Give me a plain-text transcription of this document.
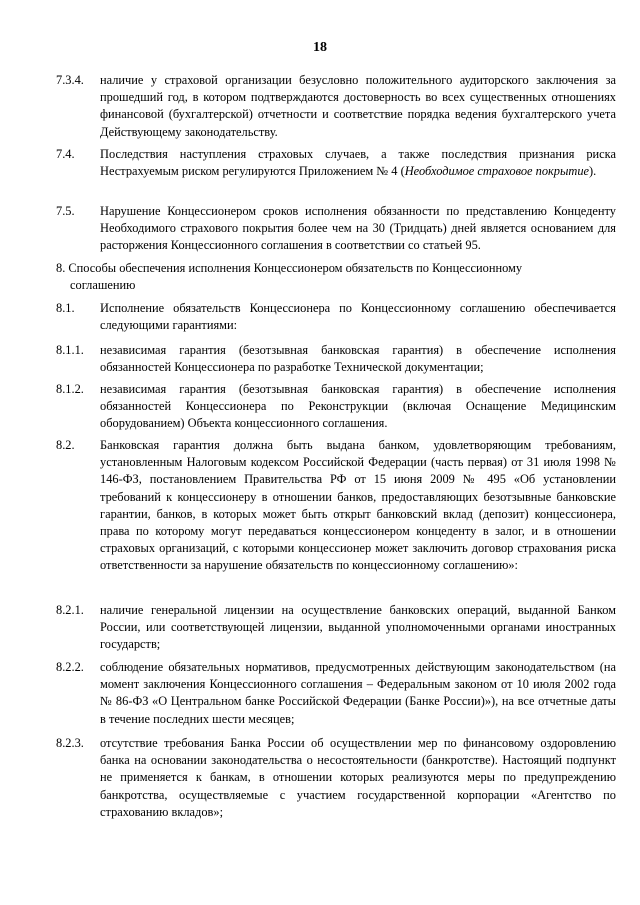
18
7.3.4. наличие у страховой организации безусловно положительного аудиторского заключения за прошедший год, в котором подтверждаются достоверность во всех существенных отношениях финансовой (бухгалтерской) отчетности и соответствие порядка ведения бухгалтерского учета Действующему законодательству.
7.4. Последствия наступления страховых случаев, а также последствия признания риска Нестрахуемым риском регулируются Приложением № 4 (Необходимое страховое покрытие).
7.5. Нарушение Концессионером сроков исполнения обязанности по представлению Концеденту Необходимого страхового покрытия более чем на 30 (Тридцать) дней является основанием для расторжения Концессионного соглашения в соответствии со статьей 95.
8. Способы обеспечения исполнения Концессионером обязательств по Концессионному
соглашению
8.1. Исполнение обязательств Концессионера по Концессионному соглашению обеспечивается следующими гарантиями:
8.1.1. независимая гарантия (безотзывная банковская гарантия) в обеспечение исполнения обязанностей Концессионера по разработке Технической документации;
8.1.2. независимая гарантия (безотзывная банковская гарантия) в обеспечение исполнения обязанностей Концессионера по Реконструкции (включая Оснащение Медицинским оборудованием) Объекта концессионного соглашения.
8.2. Банковская гарантия должна быть выдана банком, удовлетворяющим требованиям, установленным Налоговым кодексом Российской Федерации (часть первая) от 31 июля 1998 № 146-ФЗ, постановлением Правительства РФ от 15 июня 2009 № 495 «Об установлении требований к концессионеру в отношении банков, предоставляющих безотзывные банковские гарантии, банков, в которых может быть открыт банковский вклад (депозит) концессионера, права по которому могут передаваться концессионером концеденту в залог, и в отношении страховых организаций, с которыми концессионер может заключить договор страхования риска ответственности за нарушение обязательств по концессионному соглашению»:
8.2.1. наличие генеральной лицензии на осуществление банковских операций, выданной Банком России, или соответствующей лицензии, выданной уполномоченными органами иностранных государств;
8.2.2. соблюдение обязательных нормативов, предусмотренных действующим законодательством (на момент заключения Концессионного соглашения – Федеральным законом от 10 июля 2002 года № 86-ФЗ «О Центральном банке Российской Федерации (Банке России)»), на все отчетные даты в течение последних шести месяцев;
8.2.3. отсутствие требования Банка России об осуществлении мер по финансовому оздоровлению банка на основании законодательства о несостоятельности (банкротстве). Настоящий подпункт не применяется к банкам, в отношении которых реализуются меры по предупреждению банкротства, осуществляемые с участием государственной корпорации «Агентство по страхованию вкладов»;
